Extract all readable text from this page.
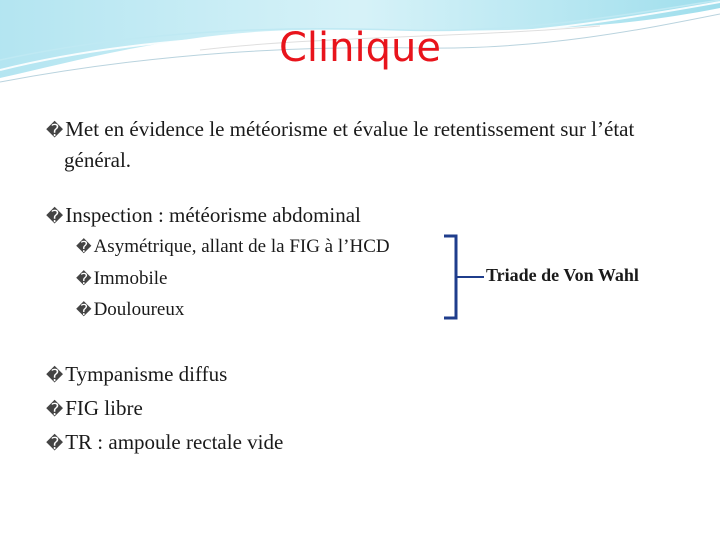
Clinique
�Met en évidence le météorisme et évalue le retentissement sur l’état général.
�Inspection : météorisme abdominal
� Asymétrique, allant de la FIG à l’HCD
� Immobile
� Douloureux
Triade de Von Wahl
�Tympanisme diffus
�FIG libre
�TR : ampoule rectale vide
